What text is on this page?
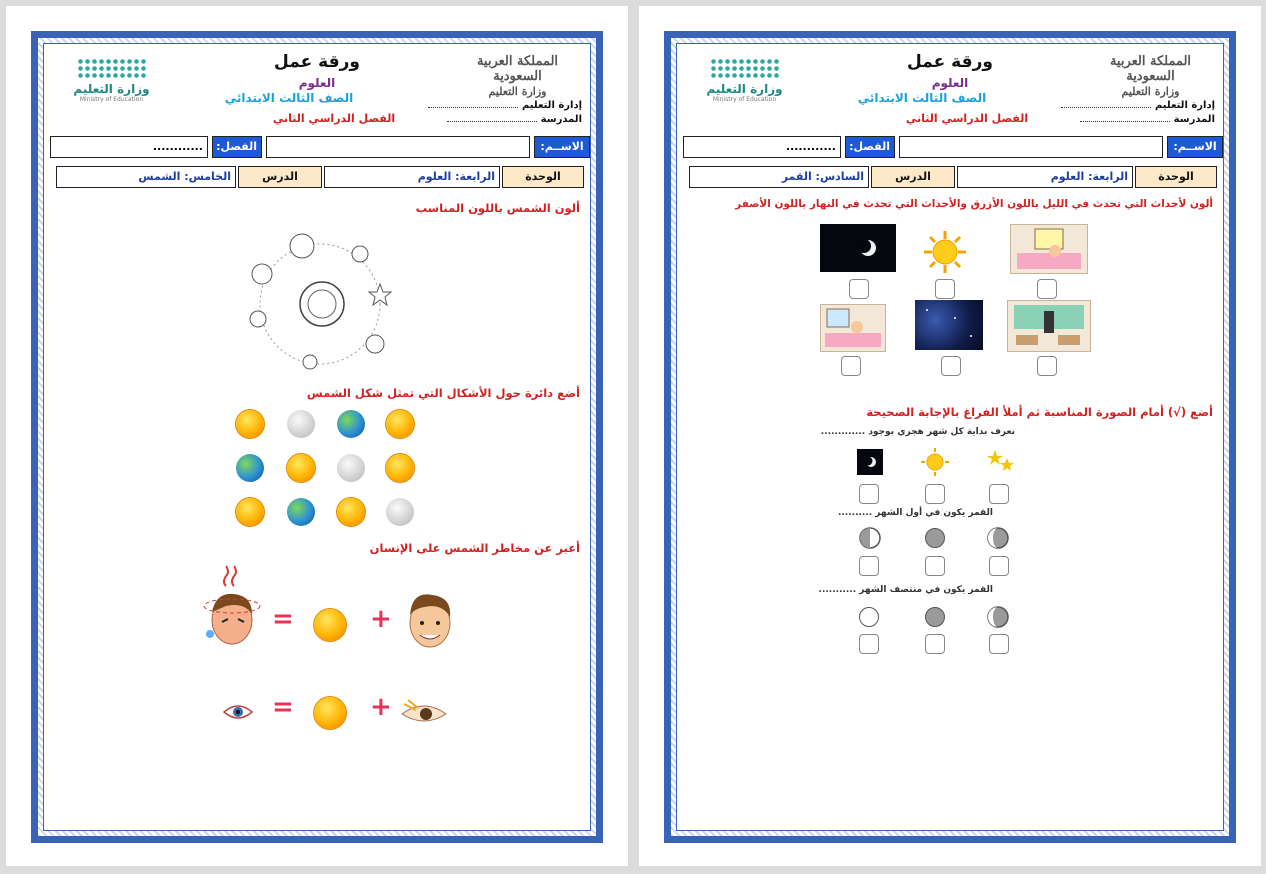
ورقة عمل
العلوم
الصف الثالث الابتدائي
الفصل الدراسي الثاني
المملكة العربية السعودية
وزارة التعليم
إدارة التعليم
المدرسة
وزارة التعليم
Ministry of Education
الاســم:
الفصل:
............
الوحدة
الرابعة: العلوم
الدرس
الخامس: الشمس
ألون الشمس باللون المناسب
أضع دائرة حول الأشكال التي تمثل شكل الشمس
أعبر عن مخاطر الشمس على الإنسان
+
=
+
=
ورقة عمل
العلوم
الصف الثالث الابتدائي
الفصل الدراسي الثاني
المملكة العربية السعودية
وزارة التعليم
إدارة التعليم
المدرسة
وزارة التعليم
Ministry of Education
الاســم:
الفصل:
............
الوحدة
الرابعة: العلوم
الدرس
السادس: القمر
ألون لأحداث التي تحدث في الليل باللون الأزرق والأحداث التي تحدث في النهار باللون الأصفر
أضع (√) أمام الصورة المناسبة ثم أملأ الفراغ بالإجابة الصحيحة
نعرف بداية كل شهر هجري بوجود .............
القمر يكون في أول الشهر ..........
القمر يكون في منتصف الشهر ...........
